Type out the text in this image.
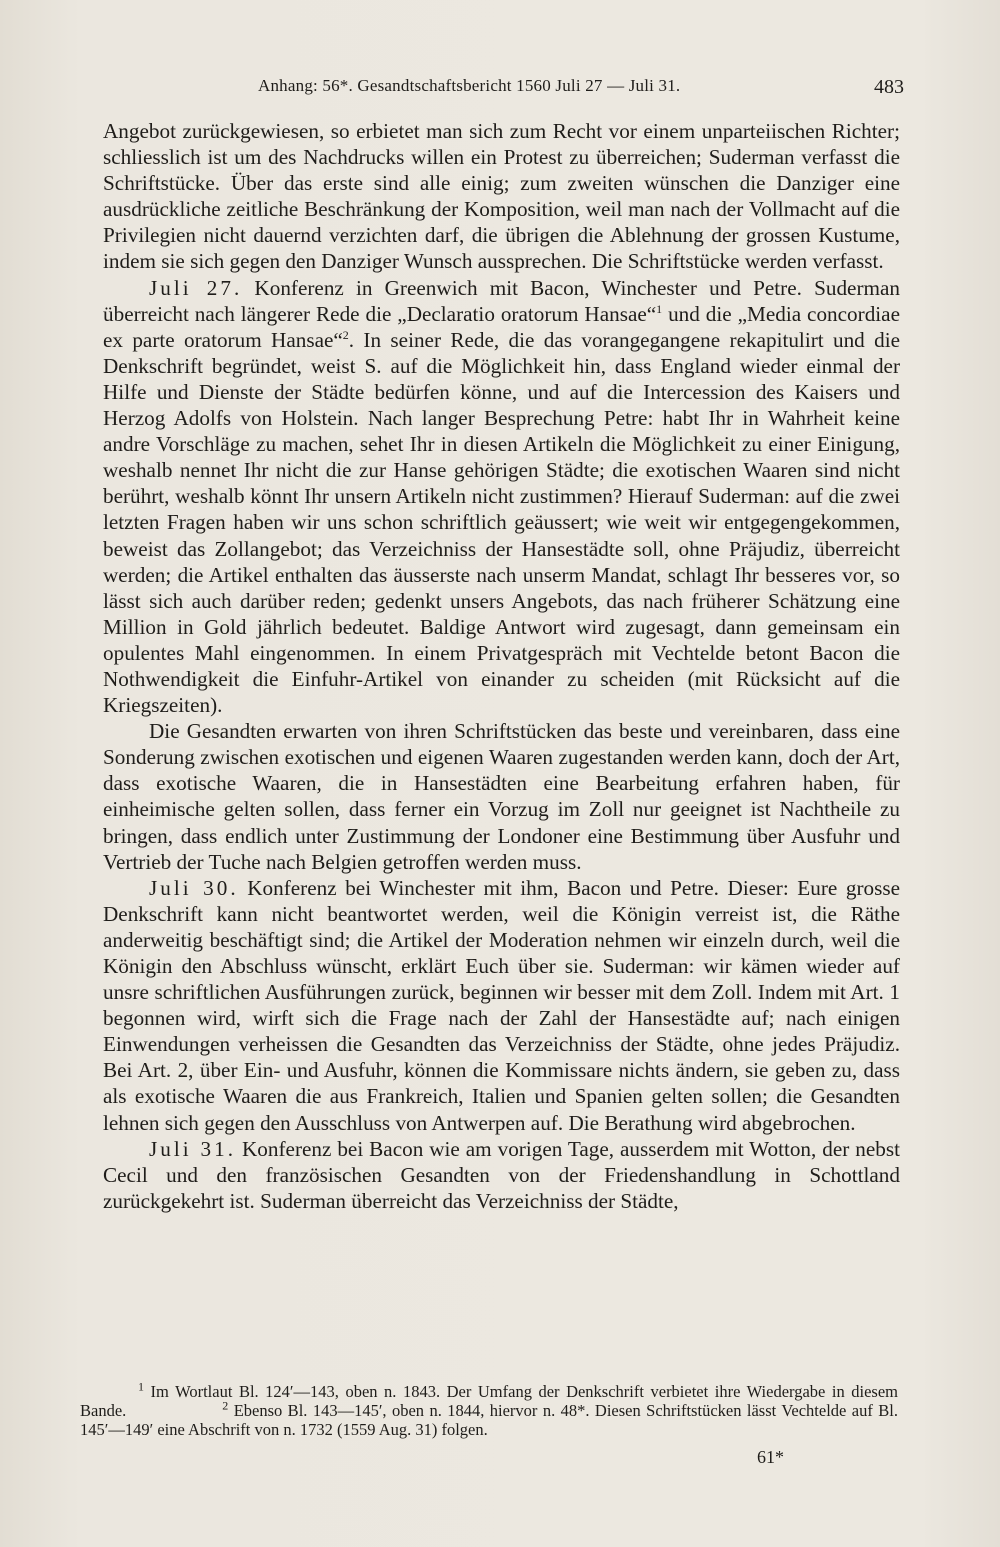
Anhang: 56*. Gesandtschaftsbericht 1560 Juli 27 — Juli 31.	483

Angebot zurückgewiesen, so erbietet man sich zum Recht vor einem unparteiischen Richter; schliesslich ist um des Nachdrucks willen ein Protest zu überreichen; Suderman verfasst die Schriftstücke. Über das erste sind alle einig; zum zweiten wünschen die Danziger eine ausdrückliche zeitliche Beschränkung der Komposition, weil man nach der Vollmacht auf die Privilegien nicht dauernd verzichten darf, die übrigen die Ablehnung der grossen Kustume, indem sie sich gegen den Danziger Wunsch aussprechen. Die Schriftstücke werden verfasst.

Juli 27. Konferenz in Greenwich mit Bacon, Winchester und Petre. Suderman überreicht nach längerer Rede die „Declaratio oratorum Hansae“$^1$ und die „Media concordiae ex parte oratorum Hansae“$^2$. In seiner Rede, die das vorangegangene rekapitulirt und die Denkschrift begründet, weist S. auf die Möglichkeit hin, dass England wieder einmal der Hilfe und Dienste der Städte bedürfen könne, und auf die Intercession des Kaisers und Herzog Adolfs von Holstein. Nach langer Besprechung Petre: habt Ihr in Wahrheit keine andre Vorschläge zu machen, sehet Ihr in diesen Artikeln die Möglichkeit zu einer Einigung, weshalb nennet Ihr nicht die zur Hanse gehörigen Städte; die exotischen Waaren sind nicht berührt, weshalb könnt Ihr unsern Artikeln nicht zustimmen? Hierauf Suderman: auf die zwei letzten Fragen haben wir uns schon schriftlich geäussert; wie weit wir entgegengekommen, beweist das Zollangebot; das Verzeichniss der Hansestädte soll, ohne Präjudiz, überreicht werden; die Artikel enthalten das äusserste nach unserm Mandat, schlagt Ihr besseres vor, so lässt sich auch darüber reden; gedenkt unsers Angebots, das nach früherer Schätzung eine Million in Gold jährlich bedeutet. Baldige Antwort wird zugesagt, dann gemeinsam ein opulentes Mahl eingenommen. In einem Privatgespräch mit Vechtelde betont Bacon die Nothwendigkeit die Einfuhr-Artikel von einander zu scheiden (mit Rücksicht auf die Kriegszeiten).

Die Gesandten erwarten von ihren Schriftstücken das beste und vereinbaren, dass eine Sonderung zwischen exotischen und eigenen Waaren zugestanden werden kann, doch der Art, dass exotische Waaren, die in Hansestädten eine Bearbeitung erfahren haben, für einheimische gelten sollen, dass ferner ein Vorzug im Zoll nur geeignet ist Nachtheile zu bringen, dass endlich unter Zustimmung der Londoner eine Bestimmung über Ausfuhr und Vertrieb der Tuche nach Belgien getroffen werden muss.

Juli 30. Konferenz bei Winchester mit ihm, Bacon und Petre. Dieser: Eure grosse Denkschrift kann nicht beantwortet werden, weil die Königin verreist ist, die Räthe anderweitig beschäftigt sind; die Artikel der Moderation nehmen wir einzeln durch, weil die Königin den Abschluss wünscht, erklärt Euch über sie. Suderman: wir kämen wieder auf unsre schriftlichen Ausführungen zurück, beginnen wir besser mit dem Zoll. Indem mit Art. 1 begonnen wird, wirft sich die Frage nach der Zahl der Hansestädte auf; nach einigen Einwendungen verheissen die Gesandten das Verzeichniss der Städte, ohne jedes Präjudiz. Bei Art. 2, über Ein- und Ausfuhr, können die Kommissare nichts ändern, sie geben zu, dass als exotische Waaren die aus Frankreich, Italien und Spanien gelten sollen; die Gesandten lehnen sich gegen den Ausschluss von Antwerpen auf. Die Berathung wird abgebrochen.

Juli 31. Konferenz bei Bacon wie am vorigen Tage, ausserdem mit Wotton, der nebst Cecil und den französischen Gesandten von der Friedenshandlung in Schottland zurückgekehrt ist. Suderman überreicht das Verzeichniss der Städte,

$^1$ Im Wortlaut Bl. 124′—143, oben n. 1843. Der Umfang der Denkschrift verbietet ihre Wiedergabe in diesem Bande.	$^2$ Ebenso Bl. 143—145′, oben n. 1844, hiervor n. 48*. Diesen Schriftstücken lässt Vechtelde auf Bl. 145′—149′ eine Abschrift von n. 1732 (1559 Aug. 31) folgen.

61*
